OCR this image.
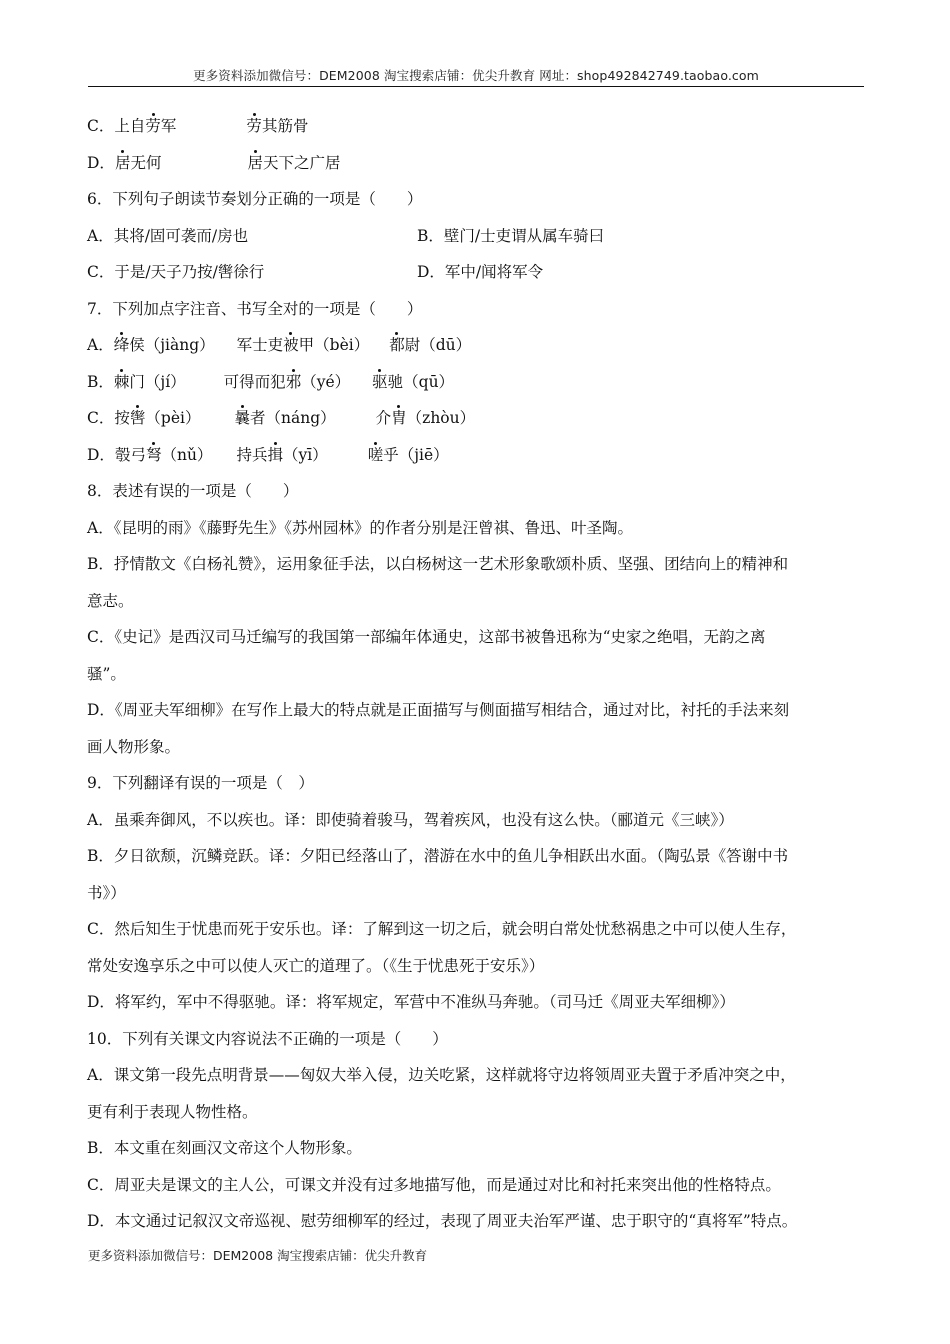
更多资料添加微信号：DEM2008 淘宝搜索店铺：优尖升教育 网址：shop492842749.taobao.com
C．上自劳军	劳其筋骨
D．居无何	居天下之广居
6．下列句子朗读节奏划分正确的一项是（　　）
A．其将/固可袭而/房也	B．壁门/士吏谓从属车骑曰
C．于是/天子乃按/辔徐行	D．军中/闻将军令
7．下列加点字注音、书写全对的一项是（　　）
A．绛侯（jiàng） 军士吏被甲（bèi） 都尉（dū）
B．棘门（jí） 可得而犯邪（yé） 驱驰（qū）
C．按辔（pèi） 曩者（náng）	介胄（zhòu）
D．彀弓弩（nǔ） 持兵揖（yī）	嗟乎（jiē）
8．表述有误的一项是（　　）
A．《昆明的雨》《藤野先生》《苏州园林》的作者分别是汪曾祺、鲁迅、叶圣陶。
B．抒情散文《白杨礼赞》，运用象征手法，以白杨树这一艺术形象歌颂朴质、坚强、团结向上的精神和
意志。
C．《史记》是西汉司马迁编写的我国第一部编年体通史，这部书被鲁迅称为“史家之绝唱，无韵之离
骚”。
D．《周亚夫军细柳》在写作上最大的特点就是正面描写与侧面描写相结合，通过对比，衬托的手法来刻
画人物形象。
9．下列翻译有误的一项是（　）
A．虽乘奔御风，不以疾也。译：即使骑着骏马，驾着疾风，也没有这么快。（郦道元《三峡》）
B．夕日欲颓，沉鳞竞跃。译：夕阳已经落山了，潜游在水中的鱼儿争相跃出水面。（陶弘景《答谢中书
书》）
C．然后知生于忧患而死于安乐也。译：了解到这一切之后，就会明白常处忧愁祸患之中可以使人生存，
常处安逸享乐之中可以使人灭亡的道理了。（《生于忧患死于安乐》）
D．将军约，军中不得驱驰。译：将军规定，军营中不准纵马奔驰。（司马迁《周亚夫军细柳》）
10．下列有关课文内容说法不正确的一项是（　　）
A．课文第一段先点明背景——匈奴大举入侵，边关吃紧，这样就将守边将领周亚夫置于矛盾冲突之中，
更有利于表现人物性格。
B．本文重在刻画汉文帝这个人物形象。
C．周亚夫是课文的主人公，可课文并没有过多地描写他，而是通过对比和衬托来突出他的性格特点。
D．本文通过记叙汉文帝巡视、慰劳细柳军的经过，表现了周亚夫治军严谨、忠于职守的“真将军”特点。
更多资料添加微信号：DEM2008 淘宝搜索店铺：优尖升教育
